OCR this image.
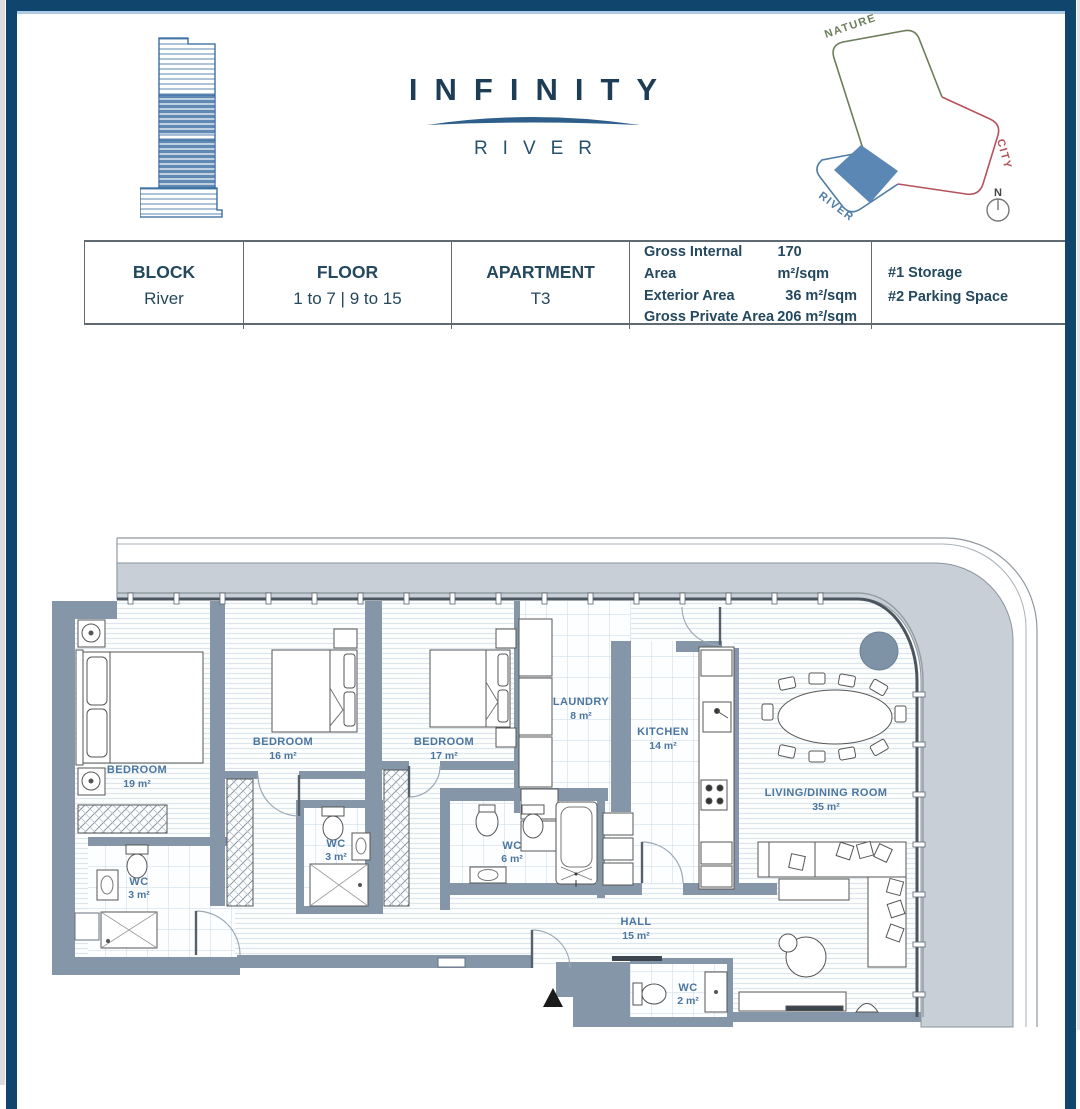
INFINITY
RIVER
NATURE
CITY
RIVER	N
BLOCK
River
FLOOR
1 to 7 | 9 to 15
APARTMENT
T3
Gross Internal Area
170 m²/sqm
Exterior Area	36 m²/sqm
Gross Private Area 206 m²/sqm
#1 Storage
#2 Parking Space
BEDROOM
19 m²
BEDROOM
16 m²
BEDROOM
17 m²
LAUNDRY
8 m²
KITCHEN
14 m²
LIVING/DINING ROOM
35 m²
HALL
15 m²
WC
3 m²
WC
3 m²
WC
6 m²
WC
2 m²
